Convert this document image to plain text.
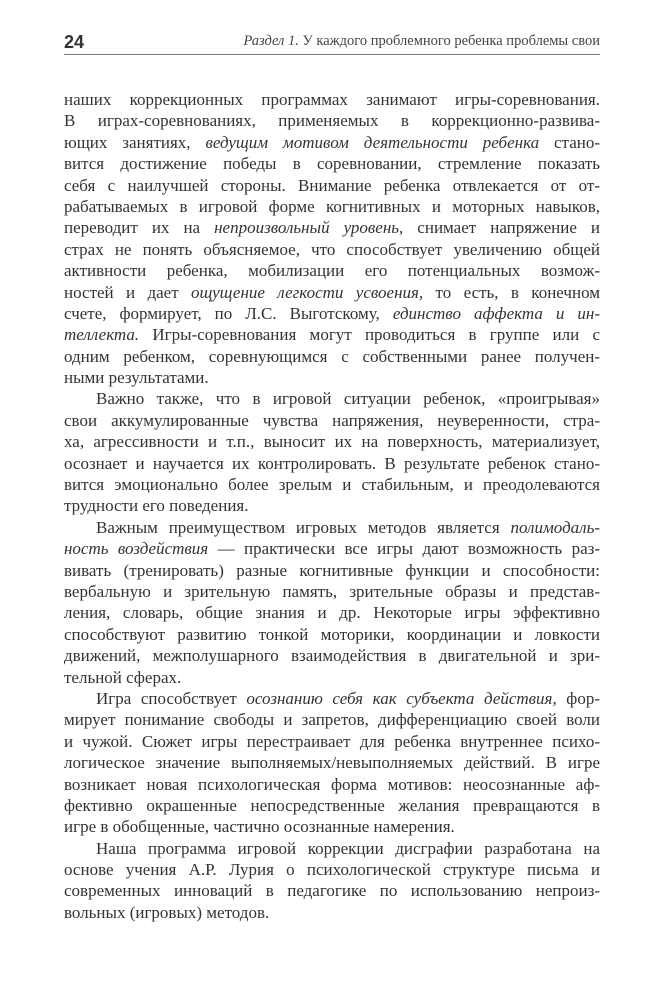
24	Раздел 1. У каждого проблемного ребенка проблемы свои
наших коррекционных программах занимают игры-соревнования.
В играх-соревнованиях, применяемых в коррекционно-развива-
ющих занятиях, ведущим мотивом деятельности ребенка стано-
вится достижение победы в соревновании, стремление показать
себя с наилучшей стороны. Внимание ребенка отвлекается от от-
рабатываемых в игровой форме когнитивных и моторных навыков,
переводит их на непроизвольный уровень, снимает напряжение и
страх не понять объясняемое, что способствует увеличению общей
активности ребенка, мобилизации его потенциальных возмож-
ностей и дает ощущение легкости усвоения, то есть, в конечном
счете, формирует, по Л.С. Выготскому, единство аффекта и ин-
теллекта. Игры-соревнования могут проводиться в группе или с
одним ребенком, соревнующимся с собственными ранее получен-
ными результатами.
Важно также, что в игровой ситуации ребенок, «проигрывая»
свои аккумулированные чувства напряжения, неуверенности, стра-
ха, агрессивности и т.п., выносит их на поверхность, материализует,
осознает и научается их контролировать. В результате ребенок стано-
вится эмоционально более зрелым и стабильным, и преодолеваются
трудности его поведения.
Важным преимуществом игровых методов является полимодаль-
ность воздействия — практически все игры дают возможность раз-
вивать (тренировать) разные когнитивные функции и способности:
вербальную и зрительную память, зрительные образы и представ-
ления, словарь, общие знания и др. Некоторые игры эффективно
способствуют развитию тонкой моторики, координации и ловкости
движений, межполушарного взаимодействия в двигательной и зри-
тельной сферах.
Игра способствует осознанию себя как субъекта действия, фор-
мирует понимание свободы и запретов, дифференциацию своей воли
и чужой. Сюжет игры перестраивает для ребенка внутреннее психо-
логическое значение выполняемых/невыполняемых действий. В игре
возникает новая психологическая форма мотивов: неосознанные аф-
фективно окрашенные непосредственные желания превращаются в
игре в обобщенные, частично осознанные намерения.
Наша программа игровой коррекции дисграфии разработана на
основе учения А.Р. Лурия о психологической структуре письма и
современных инноваций в педагогике по использованию непроиз-
вольных (игровых) методов.
